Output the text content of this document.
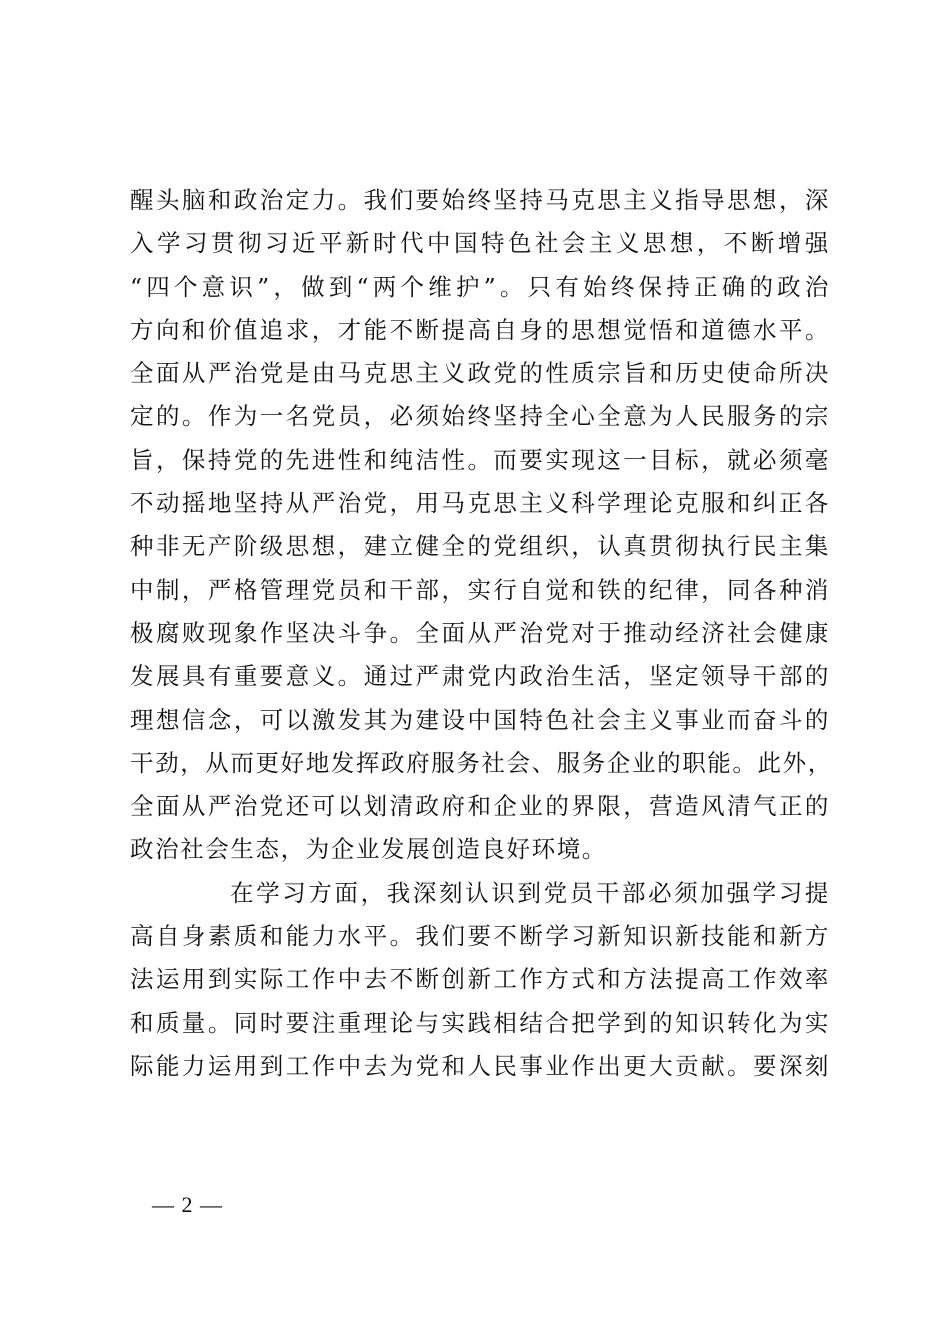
醒头脑和政治定力。我们要始终坚持马克思主义指导思想，深
入学习贯彻习近平新时代中国特色社会主义思想，不断增强
“四个意识”，做到“两个维护”。只有始终保持正确的政治
方向和价值追求，才能不断提高自身的思想觉悟和道德水平。
全面从严治党是由马克思主义政党的性质宗旨和历史使命所决
定的。作为一名党员，必须始终坚持全心全意为人民服务的宗
旨，保持党的先进性和纯洁性。而要实现这一目标，就必须毫
不动摇地坚持从严治党，用马克思主义科学理论克服和纠正各
种非无产阶级思想，建立健全的党组织，认真贯彻执行民主集
中制，严格管理党员和干部，实行自觉和铁的纪律，同各种消
极腐败现象作坚决斗争。全面从严治党对于推动经济社会健康
发展具有重要意义。通过严肃党内政治生活，坚定领导干部的
理想信念，可以激发其为建设中国特色社会主义事业而奋斗的
干劲，从而更好地发挥政府服务社会、服务企业的职能。此外，
全面从严治党还可以划清政府和企业的界限，营造风清气正的
政治社会生态，为企业发展创造良好环境。
在学习方面，我深刻认识到党员干部必须加强学习提
高自身素质和能力水平。我们要不断学习新知识新技能和新方
法运用到实际工作中去不断创新工作方式和方法提高工作效率
和质量。同时要注重理论与实践相结合把学到的知识转化为实
际能力运用到工作中去为党和人民事业作出更大贡献。要深刻
— 2 —
